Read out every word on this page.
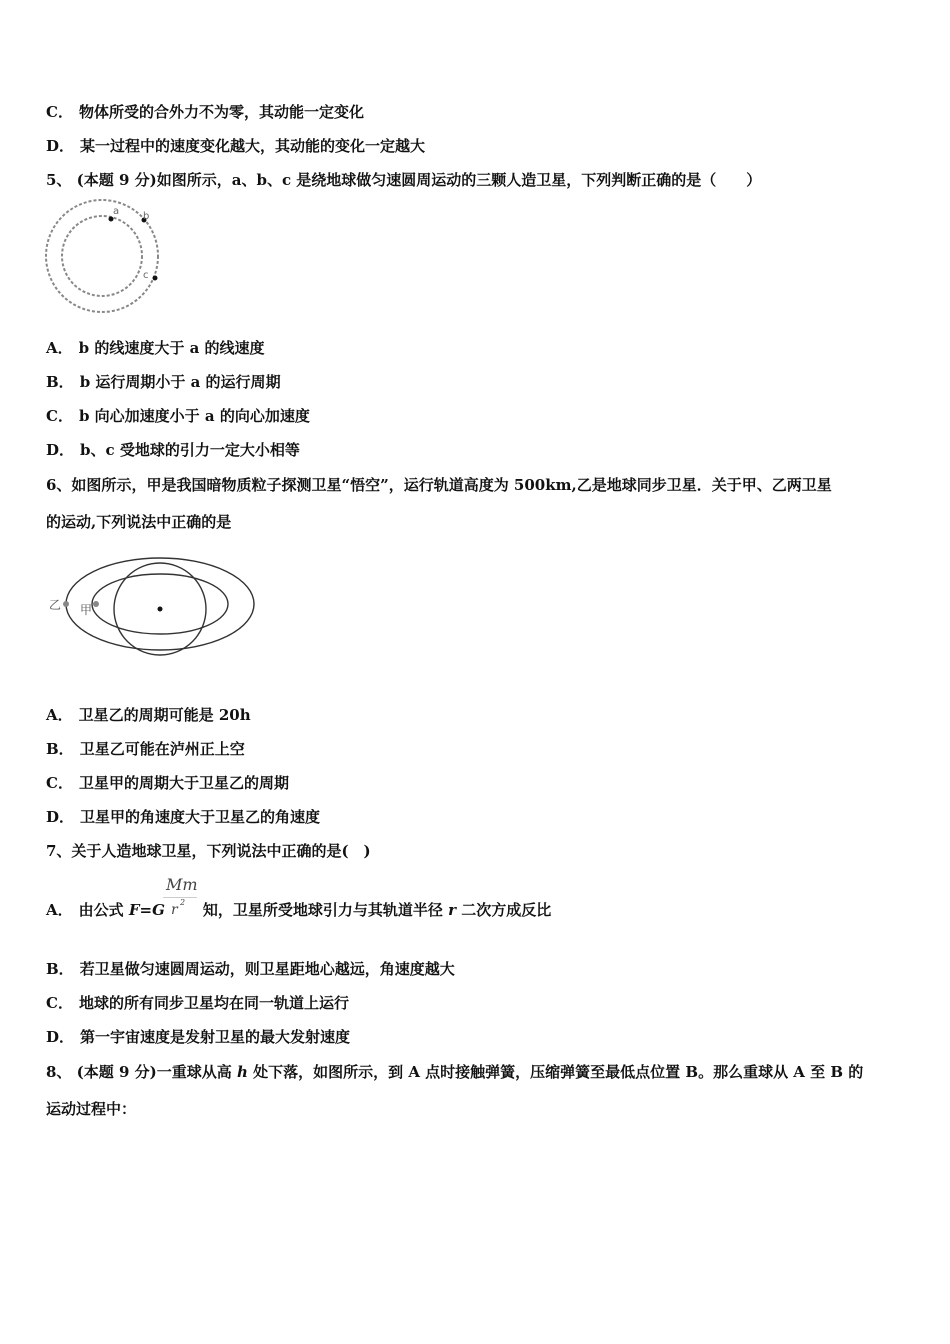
C． 物体所受的合外力不为零，其动能一定变化
D． 某一过程中的速度变化越大，其动能的变化一定越大
5、 (本题 9 分)如图所示，a、b、c 是绕地球做匀速圆周运动的三颗人造卫星，下列判断正确的是（　　）
a b
c
A． b 的线速度大于 a 的线速度
B． b 运行周期小于 a 的运行周期
C． b 向心加速度小于 a 的向心加速度
D． b、c 受地球的引力一定大小相等
6、如图所示，甲是我国暗物质粒子探测卫星“悟空”，运行轨道高度为 500km,乙是地球同步卫星．关于甲、乙两卫星
的运动,下列说法中正确的是
乙 甲
A． 卫星乙的周期可能是 20h
B． 卫星乙可能在泸州正上空
C． 卫星甲的周期大于卫星乙的周期
D． 卫星甲的角速度大于卫星乙的角速度
7、关于人造地球卫星，下列说法中正确的是(　)
Mm
r 2
A． 由公式 F=G	知，卫星所受地球引力与其轨道半径 r 二次方成反比
B． 若卫星做匀速圆周运动，则卫星距地心越远，角速度越大
C． 地球的所有同步卫星均在同一轨道上运行
D． 第一宇宙速度是发射卫星的最大发射速度
8、 (本题 9 分)一重球从高 h 处下落，如图所示，到 A 点时接触弹簧，压缩弹簧至最低点位置 B。那么重球从 A 至 B 的
运动过程中：
